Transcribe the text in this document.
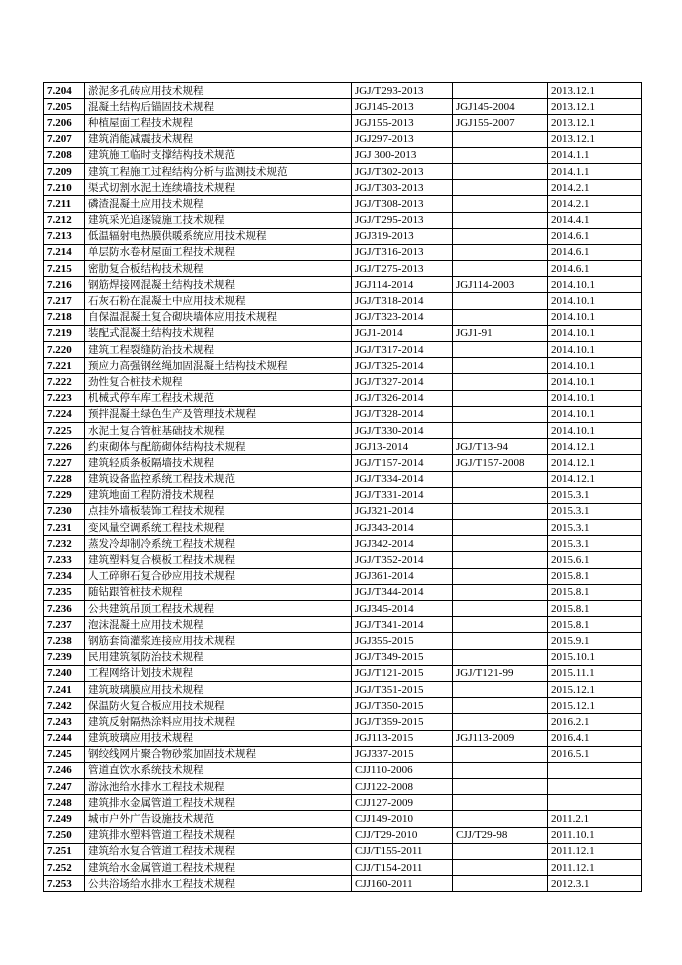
7.204	淤泥多孔砖应用技术规程	JGJ/T293-2013		2013.12.1
7.205	混凝土结构后锚固技术规程	JGJ145-2013	JGJ145-2004	2013.12.1
7.206	种植屋面工程技术规程	JGJ155-2013	JGJ155-2007	2013.12.1
7.207	建筑消能减震技术规程	JGJ297-2013		2013.12.1
7.208	建筑施工临时支撑结构技术规范	JGJ 300-2013		2014.1.1
7.209	建筑工程施工过程结构分析与监测技术规范	JGJ/T302-2013		2014.1.1
7.210	渠式切割水泥土连续墙技术规程	JGJ/T303-2013		2014.2.1
7.211	磷渣混凝土应用技术规程	JGJ/T308-2013		2014.2.1
7.212	建筑采光追逐镜施工技术规程	JGJ/T295-2013		2014.4.1
7.213	低温辐射电热膜供暖系统应用技术规程	JGJ319-2013		2014.6.1
7.214	单层防水卷材屋面工程技术规程	JGJ/T316-2013		2014.6.1
7.215	密肋复合板结构技术规程	JGJ/T275-2013		2014.6.1
7.216	钢筋焊接网混凝土结构技术规程	JGJ114-2014	JGJ114-2003	2014.10.1
7.217	石灰石粉在混凝土中应用技术规程	JGJ/T318-2014		2014.10.1
7.218	自保温混凝土复合砌块墙体应用技术规程	JGJ/T323-2014		2014.10.1
7.219	装配式混凝土结构技术规程	JGJ1-2014	JGJ1-91	2014.10.1
7.220	建筑工程裂缝防治技术规程	JGJ/T317-2014		2014.10.1
7.221	预应力高强钢丝绳加固混凝土结构技术规程	JGJ/T325-2014		2014.10.1
7.222	劲性复合桩技术规程	JGJ/T327-2014		2014.10.1
7.223	机械式停车库工程技术规范	JGJ/T326-2014		2014.10.1
7.224	预拌混凝土绿色生产及管理技术规程	JGJ/T328-2014		2014.10.1
7.225	水泥土复合管桩基础技术规程	JGJ/T330-2014		2014.10.1
7.226	约束砌体与配筋砌体结构技术规程	JGJ13-2014	JGJ/T13-94	2014.12.1
7.227	建筑轻质条板隔墙技术规程	JGJ/T157-2014	JGJ/T157-2008	2014.12.1
7.228	建筑设备监控系统工程技术规范	JGJ/T334-2014		2014.12.1
7.229	建筑地面工程防滑技术规程	JGJ/T331-2014		2015.3.1
7.230	点挂外墙板装饰工程技术规程	JGJ321-2014		2015.3.1
7.231	变风量空调系统工程技术规程	JGJ343-2014		2015.3.1
7.232	蒸发冷却制冷系统工程技术规程	JGJ342-2014		2015.3.1
7.233	建筑塑料复合模板工程技术规程	JGJ/T352-2014		2015.6.1
7.234	人工碎卵石复合砂应用技术规程	JGJ361-2014		2015.8.1
7.235	随钻跟管桩技术规程	JGJ/T344-2014		2015.8.1
7.236	公共建筑吊顶工程技术规程	JGJ345-2014		2015.8.1
7.237	泡沫混凝土应用技术规程	JGJ/T341-2014		2015.8.1
7.238	钢筋套筒灌浆连接应用技术规程	JGJ355-2015		2015.9.1
7.239	民用建筑氡防治技术规程	JGJ/T349-2015		2015.10.1
7.240	工程网络计划技术规程	JGJ/T121-2015	JGJ/T121-99	2015.11.1
7.241	建筑玻璃膜应用技术规程	JGJ/T351-2015		2015.12.1
7.242	保温防火复合板应用技术规程	JGJ/T350-2015		2015.12.1
7.243	建筑反射隔热涂料应用技术规程	JGJ/T359-2015		2016.2.1
7.244	建筑玻璃应用技术规程	JGJ113-2015	JGJ113-2009	2016.4.1
7.245	钢绞线网片聚合物砂浆加固技术规程	JGJ337-2015		2016.5.1
7.246	管道直饮水系统技术规程	CJJ110-2006		
7.247	游泳池给水排水工程技术规程	CJJ122-2008		
7.248	建筑排水金属管道工程技术规程	CJJ127-2009		
7.249	城市户外广告设施技术规范	CJJ149-2010		2011.2.1
7.250	建筑排水塑料管道工程技术规程	CJJ/T29-2010	CJJ/T29-98	2011.10.1
7.251	建筑给水复合管道工程技术规程	CJJ/T155-2011		2011.12.1
7.252	建筑给水金属管道工程技术规程	CJJ/T154-2011		2011.12.1
7.253	公共浴场给水排水工程技术规程	CJJ160-2011		2012.3.1
